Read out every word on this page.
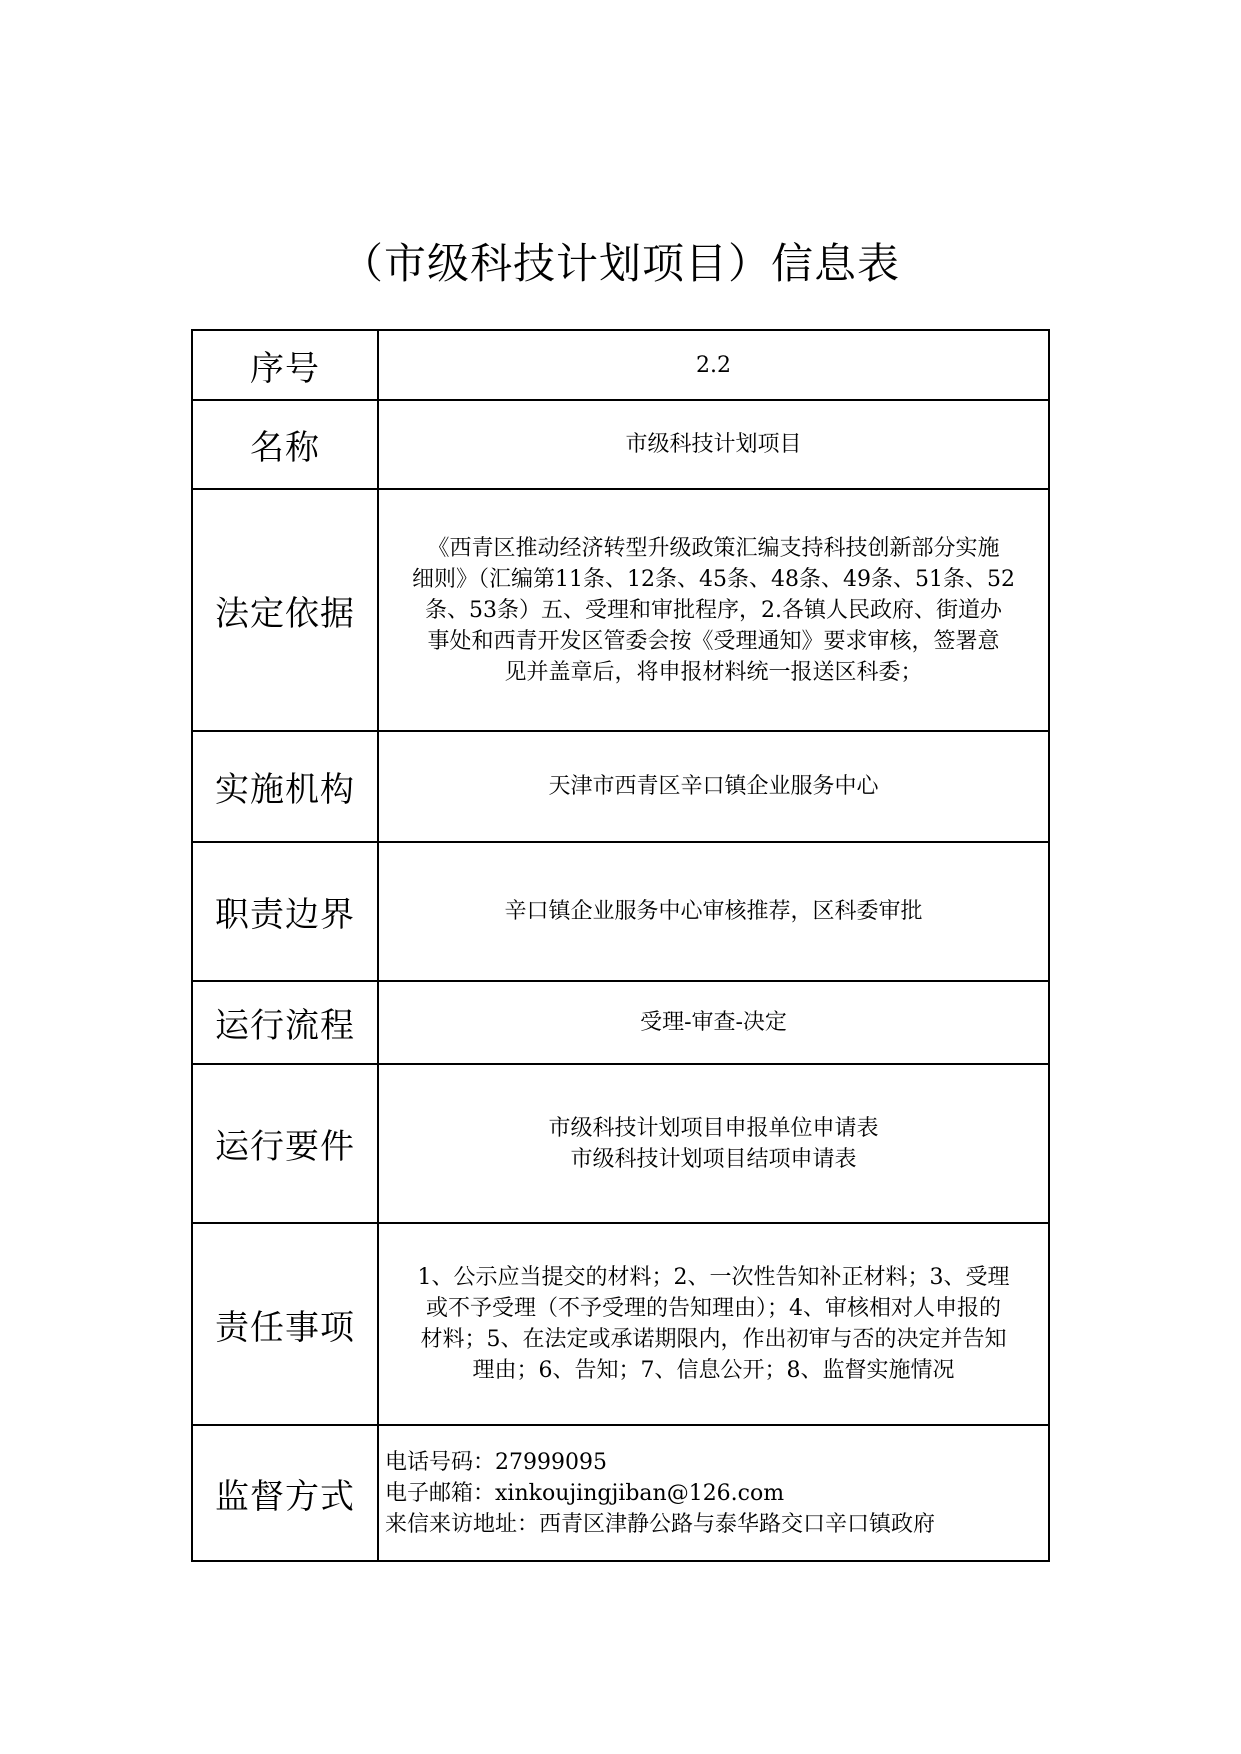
（市级科技计划项目）信息表
序号	2.2

名称	市级科技计划项目

法定依据	《西青区推动经济转型升级政策汇编支持科技创新部分实施
细则》（汇编第11条、12条、45条、48条、49条、51条、52
条、53条）五、受理和审批程序，2.各镇人民政府、街道办
事处和西青开发区管委会按《受理通知》要求审核，签署意
见并盖章后，将申报材料统一报送区科委；

实施机构	天津市西青区辛口镇企业服务中心

职责边界	辛口镇企业服务中心审核推荐，区科委审批

运行流程	受理-审查-决定

运行要件	市级科技计划项目申报单位申请表
市级科技计划项目结项申请表

责任事项	1、公示应当提交的材料；2、一次性告知补正材料；3、受理
或不予受理（不予受理的告知理由）；4、审核相对人申报的
材料；5、在法定或承诺期限内，作出初审与否的决定并告知
理由；6、告知；7、信息公开；8、监督实施情况

监督方式	电话号码：27999095
电子邮箱：xinkoujingjiban@126.com
来信来访地址：西青区津静公路与泰华路交口辛口镇政府
